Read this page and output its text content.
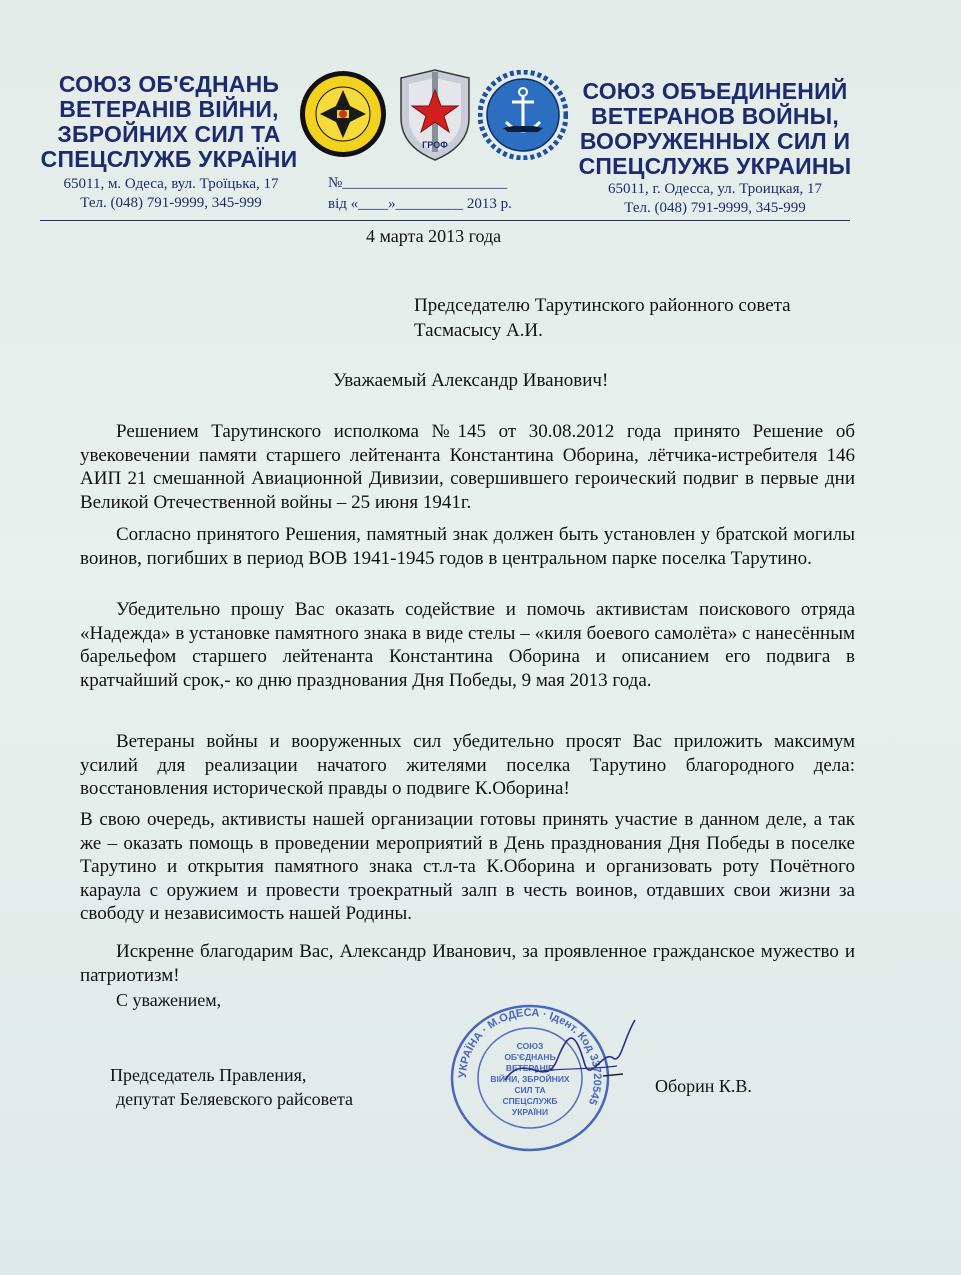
СОЮЗ ОБ'ЄДНАНЬ
ВЕТЕРАНІВ ВІЙНИ,
ЗБРОЙНИХ СИЛ ТА
СПЕЦСЛУЖБ УКРАЇНИ
65011, м. Одеса, вул. Троїцька, 17
Тел. (048) 791-9999, 345-999
СОЮЗ ОБЪЕДИНЕНИЙ
ВЕТЕРАНОВ ВОЙНЫ,
ВООРУЖЕННЫХ СИЛ И
СПЕЦСЛУЖБ УКРАИНЫ
65011, г. Одесса, ул. Троицкая, 17
Тел. (048) 791-9999, 345-999
№______________________
від «____»_________ 2013 р.
ГРОФ
4 марта 2013 года
Председателю Тарутинского районного совета
Тасмасысу А.И.
Уважаемый Александр Иванович!
Решением Тарутинского исполкома №145 от 30.08.2012 года принято Решение об увековечении памяти старшего лейтенанта Константина Оборина, лётчика-истребителя 146 АИП 21 смешанной Авиационной Дивизии, совершившего героический подвиг в первые дни Великой Отечественной войны – 25 июня 1941г.
Согласно принятого Решения, памятный знак должен быть установлен у братской могилы воинов, погибших в период ВОВ 1941-1945 годов в центральном парке поселка Тарутино.
Убедительно прошу Вас оказать содействие и помочь активистам поискового отряда «Надежда» в установке памятного знака в виде стелы – «киля боевого самолёта» с нанесённым барельефом старшего лейтенанта Константина Оборина и описанием его подвига в кратчайший срок,- ко дню празднования Дня Победы, 9 мая 2013 года.
Ветераны войны и вооруженных сил убедительно просят Вас приложить максимум усилий для реализации начатого жителями поселка Тарутино благородного дела: восстановления исторической правды о подвиге К.Оборина!
В свою очередь, активисты нашей организации готовы принять участие в данном деле, а так же – оказать помощь в проведении мероприятий в День празднования Дня Победы в поселке Тарутино и открытия памятного знака ст.л-та К.Оборина и организовать роту Почётного караула с оружием и провести троекратный залп в честь воинов, отдавших свои жизни за свободу и независимость нашей Родины.
Искренне благодарим Вас, Александр Иванович, за проявленное гражданское мужество и патриотизм!
С уважением,
Председатель Правления,
депутат Беляевского райсовета
УКРАЇНА · М.ОДЕСА · Ідент. Код 33720545
СОЮЗ
ОБ'ЄДНАНЬ
ВЕТЕРАНІВ
ВІЙНИ, ЗБРОЙНИХ
СИЛ ТА
СПЕЦСЛУЖБ
УКРАЇНИ
Оборин К.В.
